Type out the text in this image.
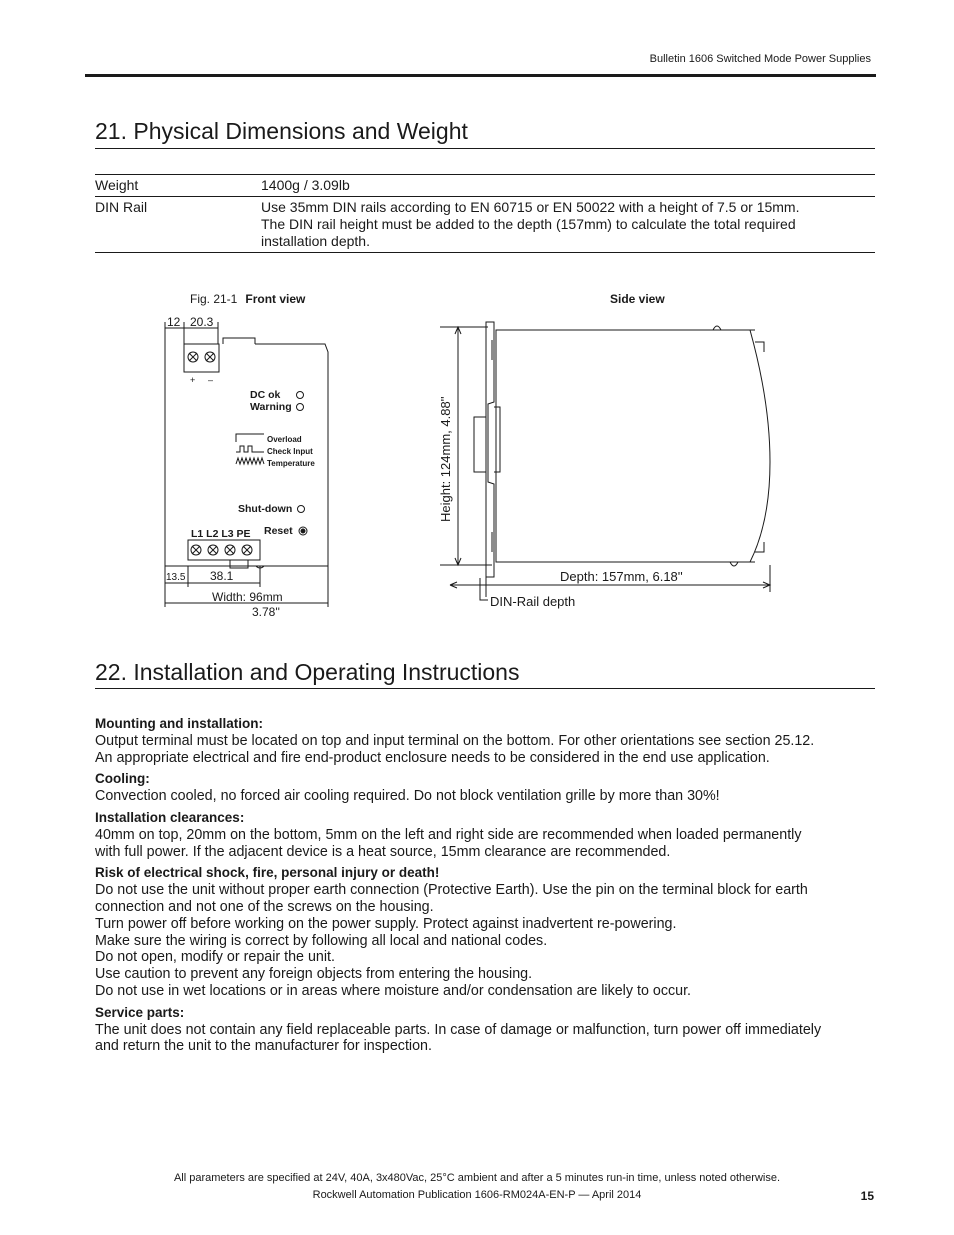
Bulletin 1606 Switched Mode Power Supplies
21. Physical Dimensions and Weight
Weight	1400g / 3.09lb

DIN Rail	Use 35mm DIN rails according to EN 60715 or EN 50022 with a height of 7.5 or 15mm.
The DIN rail height must be added to the depth (157mm) to calculate the total required
installation depth.
Fig. 21-1 Front view	Side view
12 20.3
+ –
DC ok
Warning
Overload
Check Input
Temperature
Shut-down
Reset
L1 L2 L3 PE
13.5 38.1
Width: 96mm
3.78''
Height: 124mm, 4.88''
Depth: 157mm, 6.18''
DIN-Rail depth
22. Installation and Operating Instructions
Mounting and installation:

Output terminal must be located on top and input terminal on the bottom. For other orientations see section 25.12.
An appropriate electrical and fire end-product enclosure needs to be considered in the end use application.

Cooling:

Convection cooled, no forced air cooling required. Do not block ventilation grille by more than 30%!

Installation clearances:

40mm on top, 20mm on the bottom, 5mm on the left and right side are recommended when loaded permanently
with full power. If the adjacent device is a heat source, 15mm clearance are recommended.

Risk of electrical shock, fire, personal injury or death!

Do not use the unit without proper earth connection (Protective Earth). Use the pin on the terminal block for earth
connection and not one of the screws on the housing.
Turn power off before working on the power supply. Protect against inadvertent re-powering.
Make sure the wiring is correct by following all local and national codes.
Do not open, modify or repair the unit.
Use caution to prevent any foreign objects from entering the housing.
Do not use in wet locations or in areas where moisture and/or condensation are likely to occur.

Service parts:

The unit does not contain any field replaceable parts. In case of damage or malfunction, turn power off immediately
and return the unit to the manufacturer for inspection.

All parameters are specified at 24V, 40A, 3x480Vac, 25°C ambient and after a 5 minutes run-in time, unless noted otherwise.
Rockwell Automation Publication 1606-RM024A-EN-P — April 2014	15
